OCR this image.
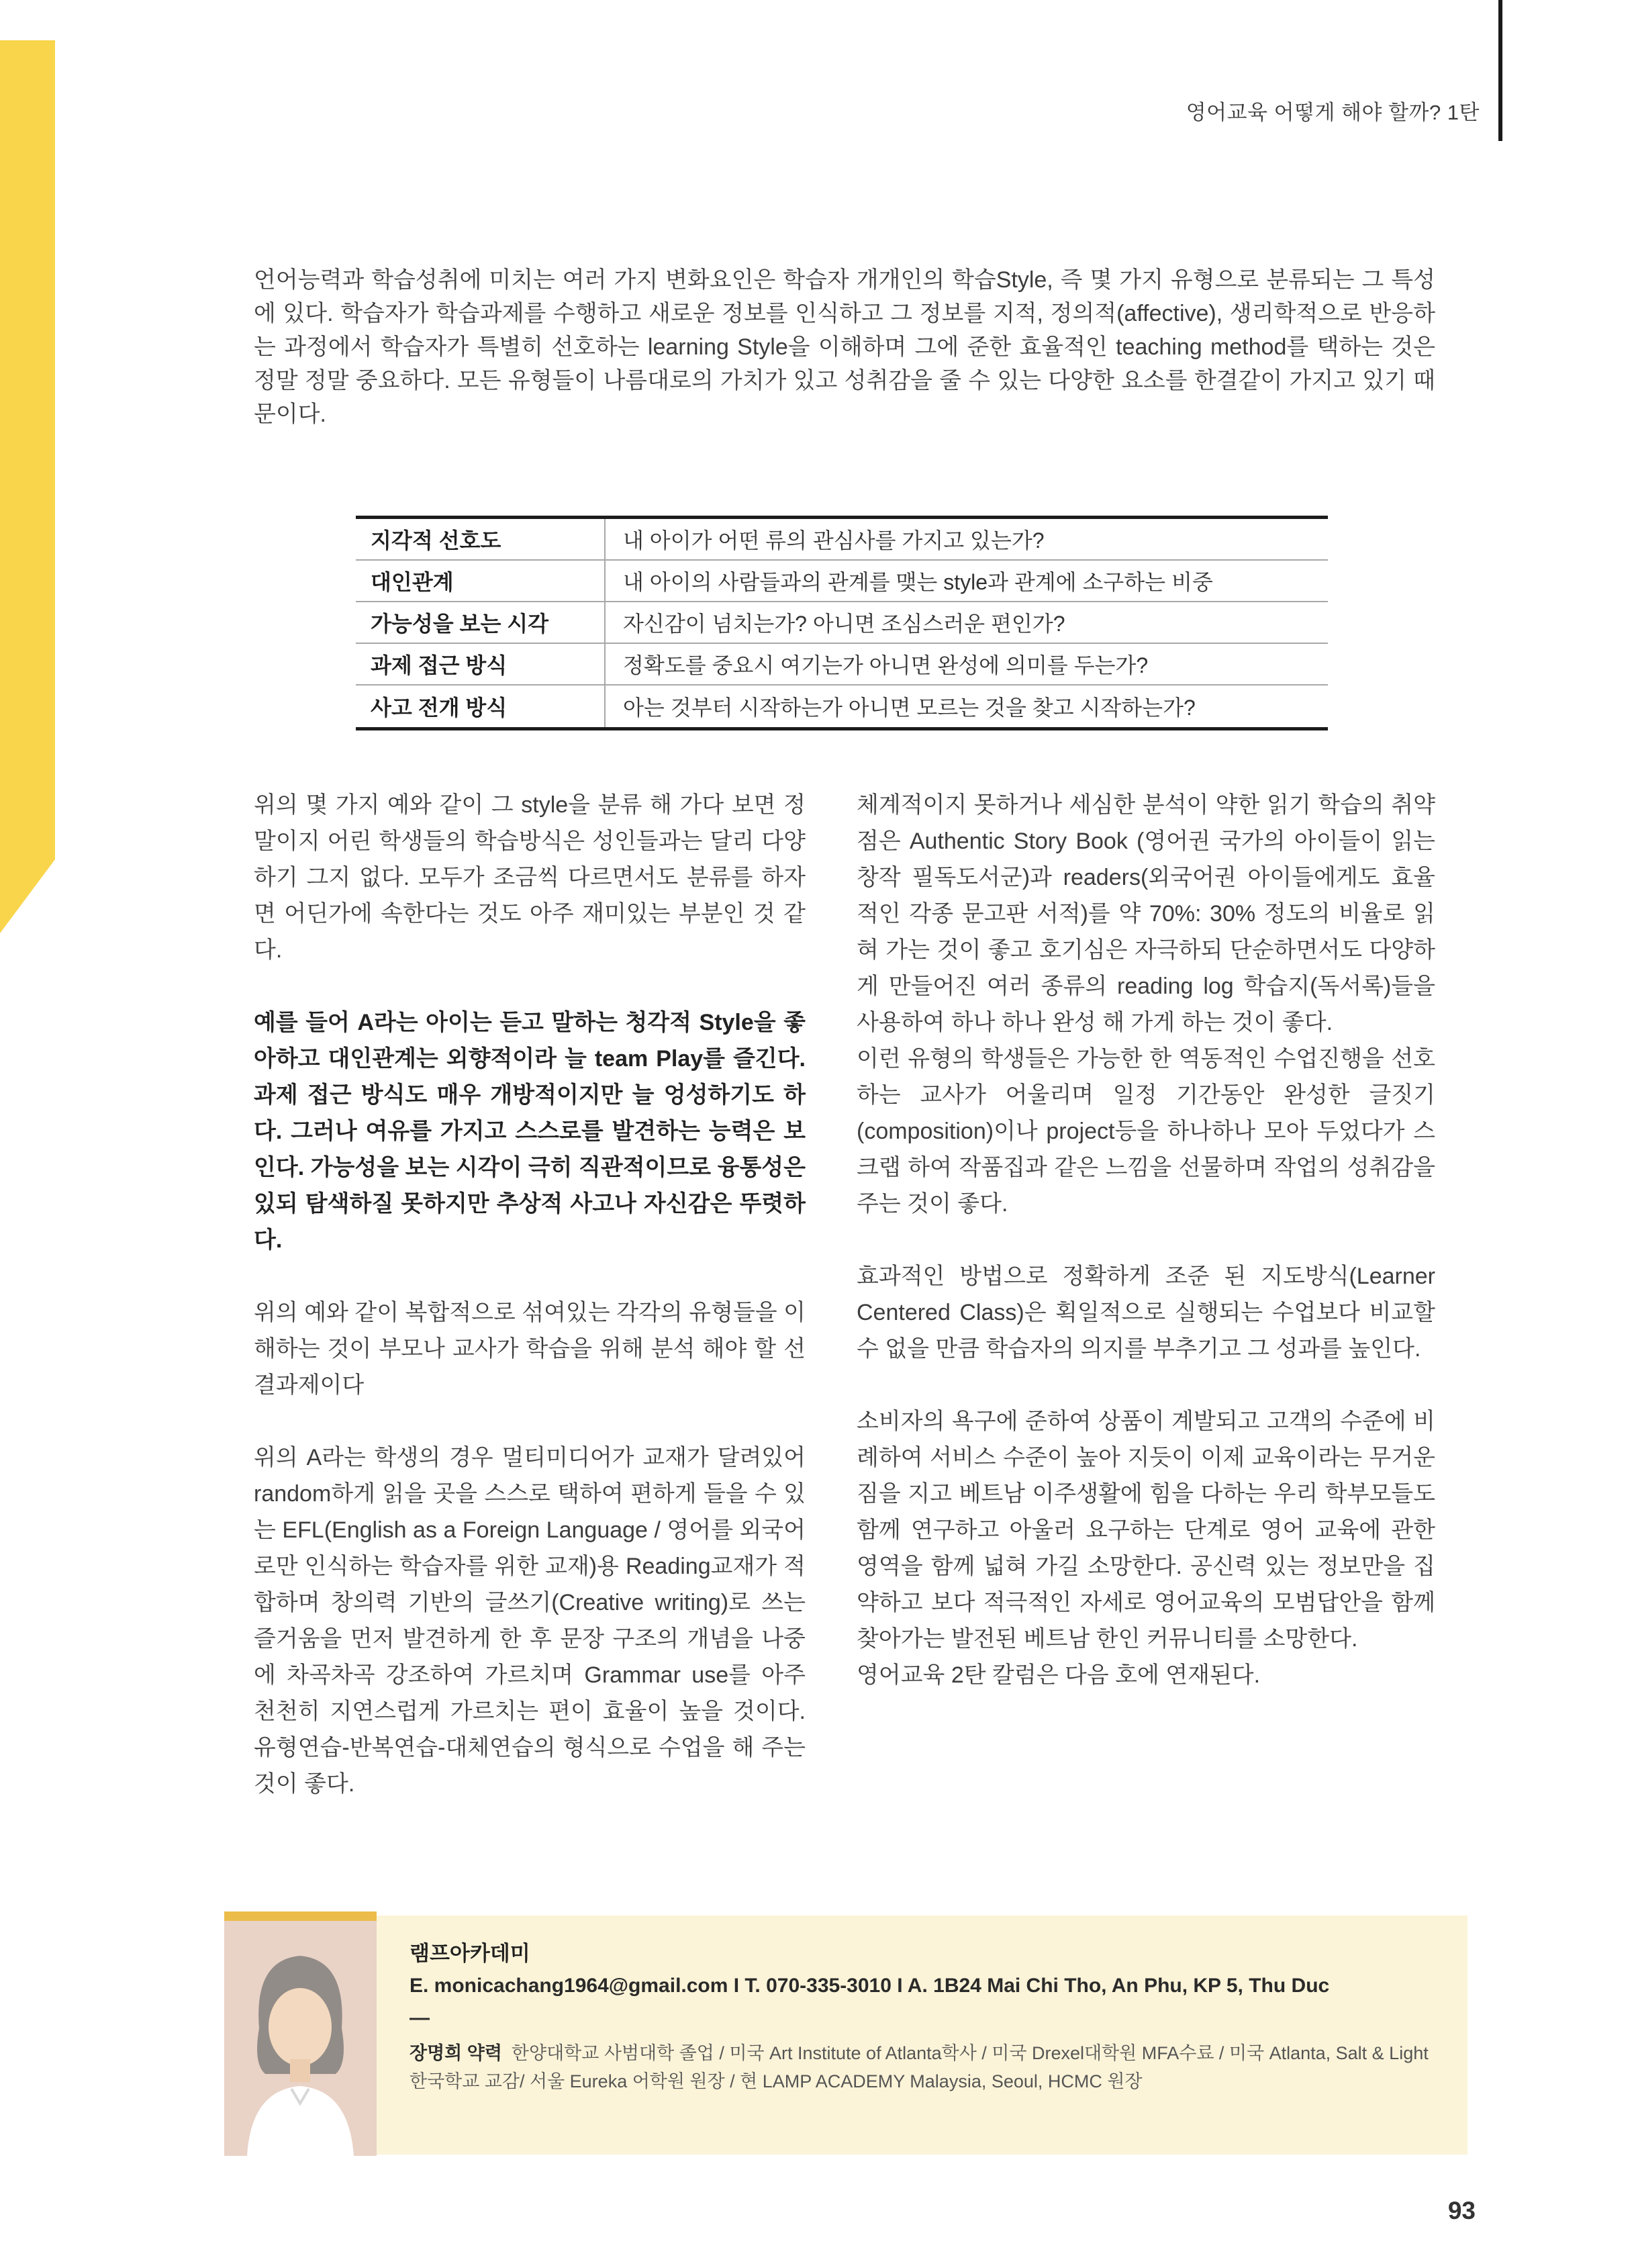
영어교육 어떻게 해야 할까? 1탄

언어능력과 학습성취에 미치는 여러 가지 변화요인은 학습자 개개인의 학습Style, 즉 몇 가지 유형으로 분류되는 그 특성에 있다. 학습자가 학습과제를 수행하고 새로운 정보를 인식하고 그 정보를 지적, 정의적(affective), 생리학적으로 반응하는 과정에서 학습자가 특별히 선호하는 learning Style을 이해하며 그에 준한 효율적인 teaching method를 택하는 것은 정말 정말 중요하다. 모든 유형들이 나름대로의 가치가 있고 성취감을 줄 수 있는 다양한 요소를 한결같이 가지고 있기 때문이다.

지각적 선호도	내 아이가 어떤 류의 관심사를 가지고 있는가?
대인관계	내 아이의 사람들과의 관계를 맺는 style과 관계에 소구하는 비중
가능성을 보는 시각	자신감이 넘치는가? 아니면 조심스러운 편인가?
과제 접근 방식	정확도를 중요시 여기는가 아니면 완성에 의미를 두는가?
사고 전개 방식	아는 것부터 시작하는가 아니면 모르는 것을 찾고 시작하는가?

위의 몇 가지 예와 같이 그 style을 분류 해 가다 보면 정말이지 어린 학생들의 학습방식은 성인들과는 달리 다양하기 그지 없다. 모두가 조금씩 다르면서도 분류를 하자면 어딘가에 속한다는 것도 아주 재미있는 부분인 것 같다.

예를 들어 A라는 아이는 듣고 말하는 청각적 Style을 좋아하고 대인관계는 외향적이라 늘 team Play를 즐긴다. 과제 접근 방식도 매우 개방적이지만 늘 엉성하기도 하다. 그러나 여유를 가지고 스스로를 발견하는 능력은 보인다. 가능성을 보는 시각이 극히 직관적이므로 융통성은 있되 탐색하질 못하지만 추상적 사고나 자신감은 뚜렷하다.

위의 예와 같이 복합적으로 섞여있는 각각의 유형들을 이해하는 것이 부모나 교사가 학습을 위해 분석 해야 할 선결과제이다

위의 A라는 학생의 경우 멀티미디어가 교재가 달려있어 random하게 읽을 곳을 스스로 택하여 편하게 들을 수 있는 EFL(English as a Foreign Language / 영어를 외국어로만 인식하는 학습자를 위한 교재)용 Reading교재가 적합하며 창의력 기반의 글쓰기(Creative writing)로 쓰는 즐거움을 먼저 발견하게 한 후 문장 구조의 개념을 나중에 차곡차곡 강조하여 가르치며 Grammar use를 아주 천천히 지연스럽게 가르치는 편이 효율이 높을 것이다. 유형연습-반복연습-대체연습의 형식으로 수업을 해 주는 것이 좋다.

체계적이지 못하거나 세심한 분석이 약한 읽기 학습의 취약점은 Authentic Story Book (영어권 국가의 아이들이 읽는 창작 필독도서군)과 readers(외국어권 아이들에게도 효율적인 각종 문고판 서적)를 약 70%: 30% 정도의 비율로 읽혀 가는 것이 좋고 호기심은 자극하되 단순하면서도 다양하게 만들어진 여러 종류의 reading log 학습지(독서록)들을 사용하여 하나 하나 완성 해 가게 하는 것이 좋다.

이런 유형의 학생들은 가능한 한 역동적인 수업진행을 선호하는 교사가 어울리며 일정 기간동안 완성한 글짓기(composition)이나 project등을 하나하나 모아 두었다가 스크랩 하여 작품집과 같은 느낌을 선물하며 작업의 성취감을 주는 것이 좋다.

효과적인 방법으로 정확하게 조준 된 지도방식(Learner Centered Class)은 획일적으로 실행되는 수업보다 비교할 수 없을 만큼 학습자의 의지를 부추기고 그 성과를 높인다.

소비자의 욕구에 준하여 상품이 계발되고 고객의 수준에 비례하여 서비스 수준이 높아 지듯이 이제 교육이라는 무거운 짐을 지고 베트남 이주생활에 힘을 다하는 우리 학부모들도 함께 연구하고 아울러 요구하는 단계로 영어 교육에 관한 영역을 함께 넓혀 가길 소망한다. 공신력 있는 정보만을 집약하고 보다 적극적인 자세로 영어교육의 모범답안을 함께 찾아가는 발전된 베트남 한인 커뮤니티를 소망한다.

영어교육 2탄 칼럼은 다음 호에 연재된다.

램프아카데미
E. monicachang1964@gmail.com I T. 070-335-3010 I A. 1B24 Mai Chi Tho, An Phu, KP 5, Thu Duc
—
장명희 약력 한양대학교 사범대학 졸업 / 미국 Art Institute of Atlanta학사 / 미국 Drexel대학원 MFA수료 / 미국 Atlanta, Salt & Light 한국학교 교감/ 서울 Eureka 어학원 원장 / 현 LAMP ACADEMY Malaysia, Seoul, HCMC 원장
93
